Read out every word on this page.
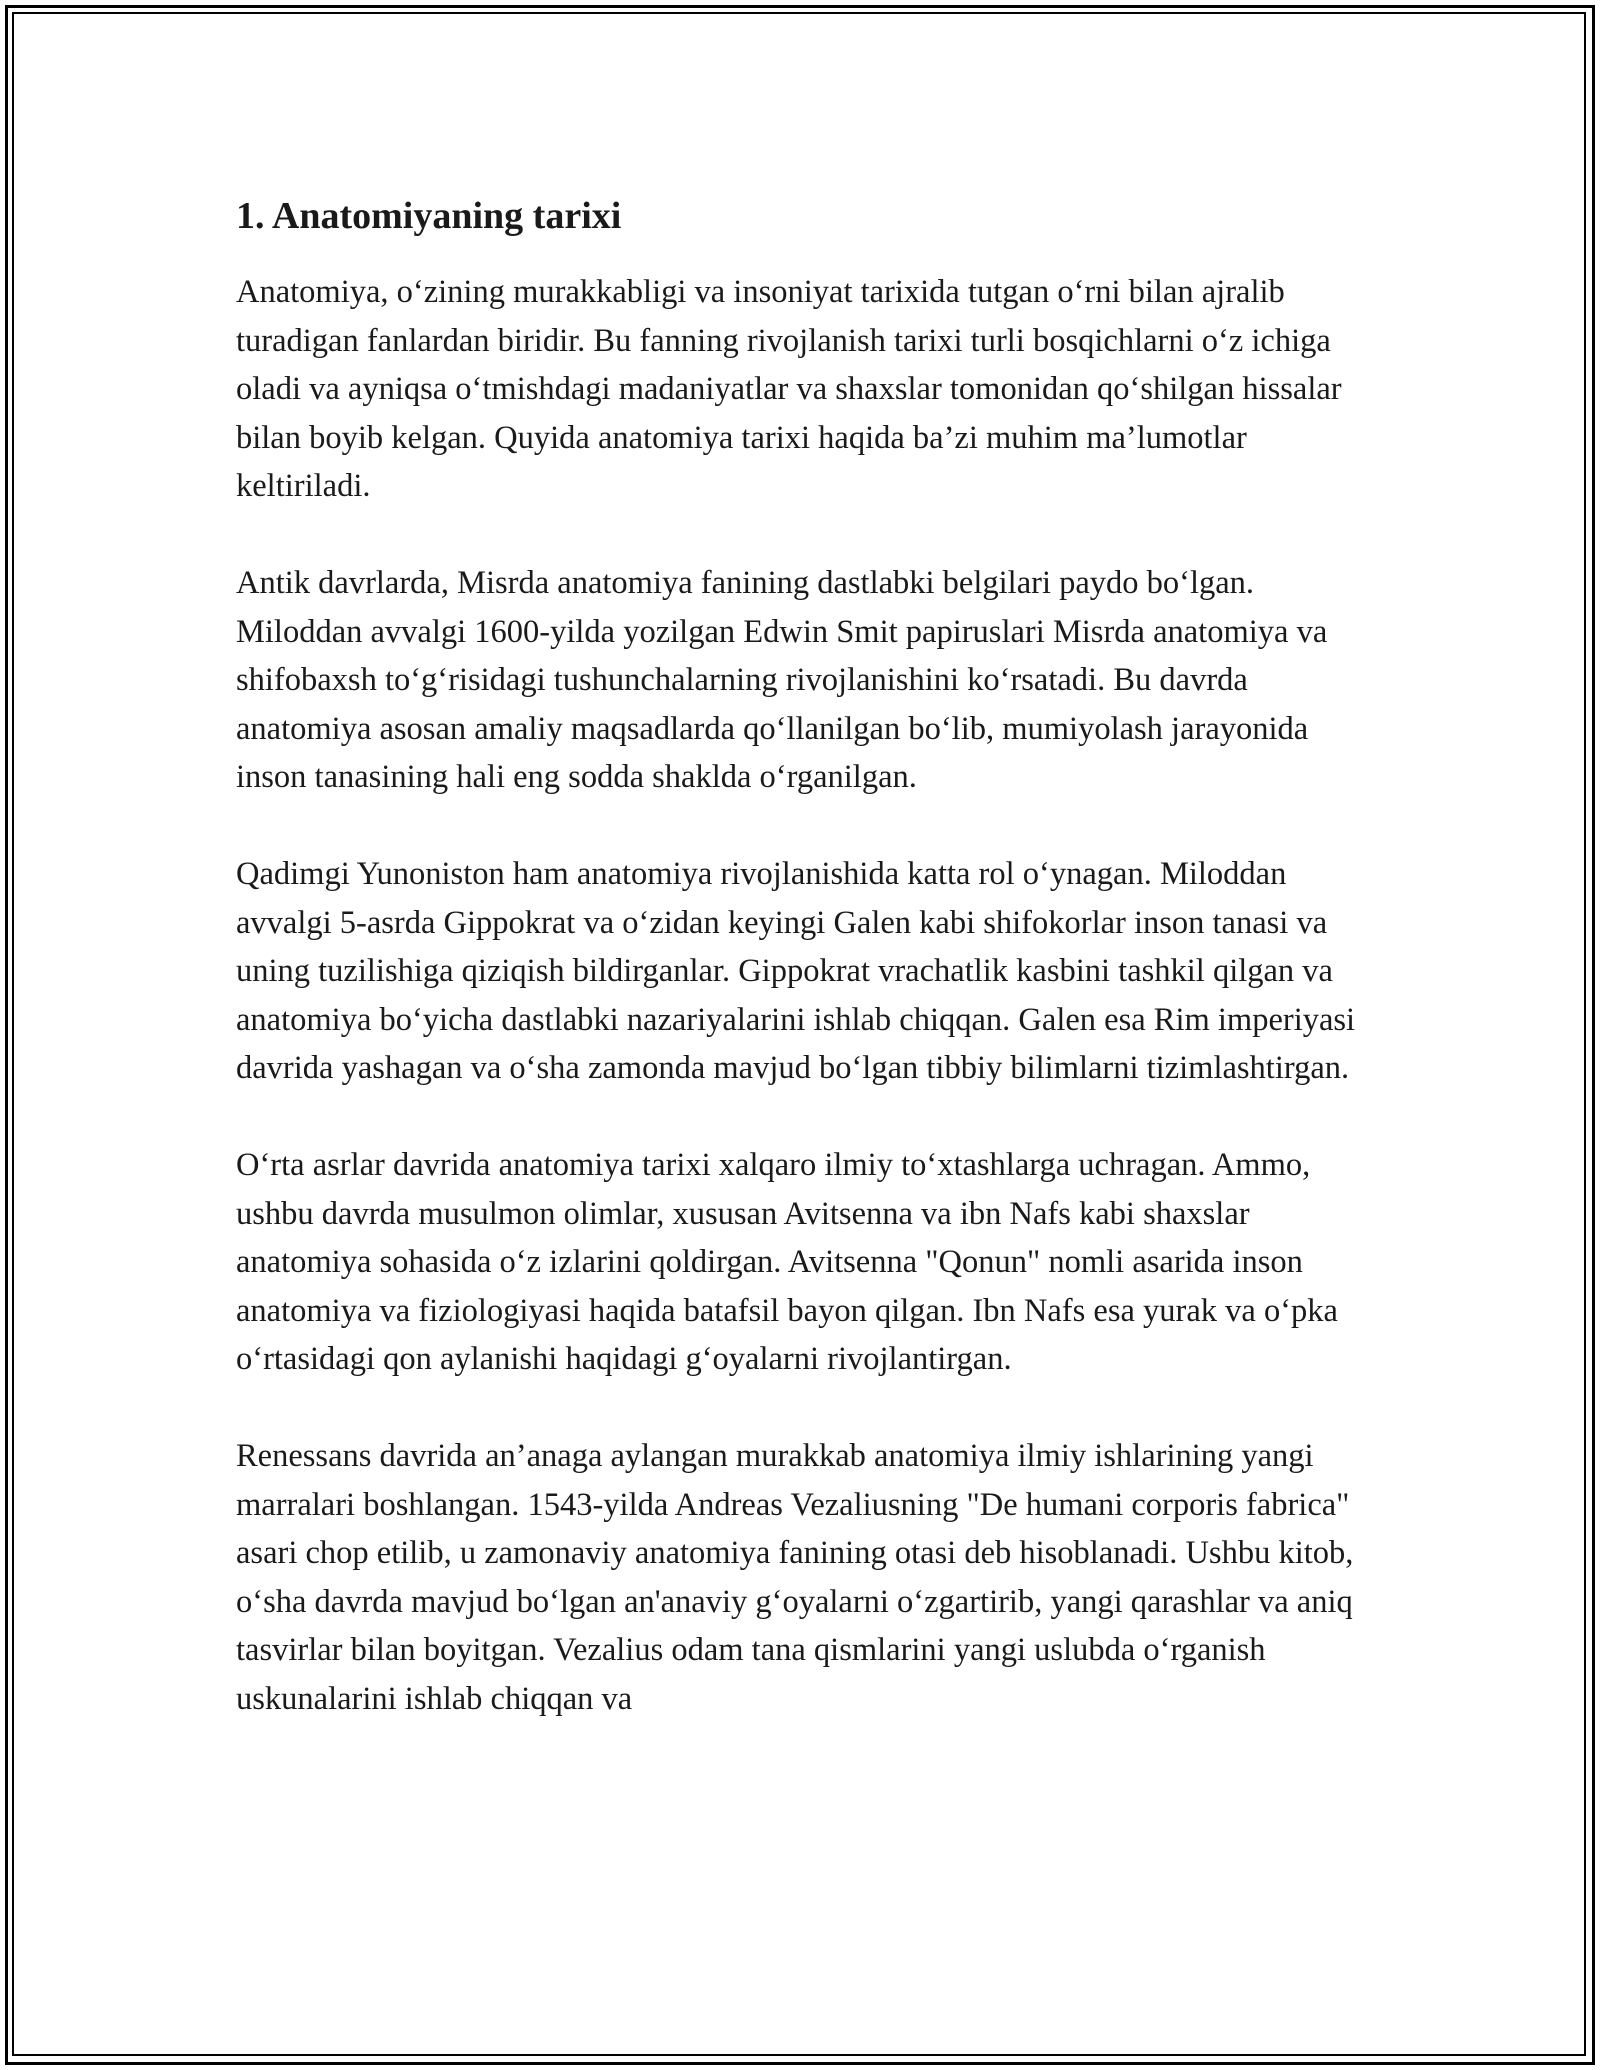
1. Anatomiyaning tarixi

Anatomiya, o‘zining murakkabligi va insoniyat tarixida tutgan o‘rni bilan ajralib turadigan fanlardan biridir. Bu fanning rivojlanish tarixi turli bosqichlarni o‘z ichiga oladi va ayniqsa o‘tmishdagi madaniyatlar va shaxslar tomonidan qo‘shilgan hissalar bilan boyib kelgan. Quyida anatomiya tarixi haqida ba’zi muhim ma’lumotlar keltiriladi.

Antik davrlarda, Misrda anatomiya fanining dastlabki belgilari paydo bo‘lgan. Miloddan avvalgi 1600-yilda yozilgan Edwin Smit papiruslari Misrda anatomiya va shifobaxsh to‘g‘risidagi tushunchalarning rivojlanishini ko‘rsatadi. Bu davrda anatomiya asosan amaliy maqsadlarda qo‘llanilgan bo‘lib, mumiyolash jarayonida inson tanasining hali eng sodda shaklda o‘rganilgan.

Qadimgi Yunoniston ham anatomiya rivojlanishida katta rol o‘ynagan. Miloddan avvalgi 5-asrda Gippokrat va o‘zidan keyingi Galen kabi shifokorlar inson tanasi va uning tuzilishiga qiziqish bildirganlar. Gippokrat vrachatlik kasbini tashkil qilgan va anatomiya bo‘yicha dastlabki nazariyalarini ishlab chiqqan. Galen esa Rim imperiyasi davrida yashagan va o‘sha zamonda mavjud bo‘lgan tibbiy bilimlarni tizimlashtirgan.

O‘rta asrlar davrida anatomiya tarixi xalqaro ilmiy to‘xtashlarga uchragan. Ammo, ushbu davrda musulmon olimlar, xususan Avitsenna va ibn Nafs kabi shaxslar anatomiya sohasida o‘z izlarini qoldirgan. Avitsenna "Qonun" nomli asarida inson anatomiya va fiziologiyasi haqida batafsil bayon qilgan. Ibn Nafs esa yurak va o‘pka o‘rtasidagi qon aylanishi haqidagi g‘oyalarni rivojlantirgan.

Renessans davrida an’anaga aylangan murakkab anatomiya ilmiy ishlarining yangi marralari boshlangan. 1543-yilda Andreas Vezaliusning "De humani corporis fabrica" asari chop etilib, u zamonaviy anatomiya fanining otasi deb hisoblanadi. Ushbu kitob, o‘sha davrda mavjud bo‘lgan an'anaviy g‘oyalarni o‘zgartirib, yangi qarashlar va aniq tasvirlar bilan boyitgan. Vezalius odam tana qismlarini yangi uslubda o‘rganish uskunalarini ishlab chiqqan va
